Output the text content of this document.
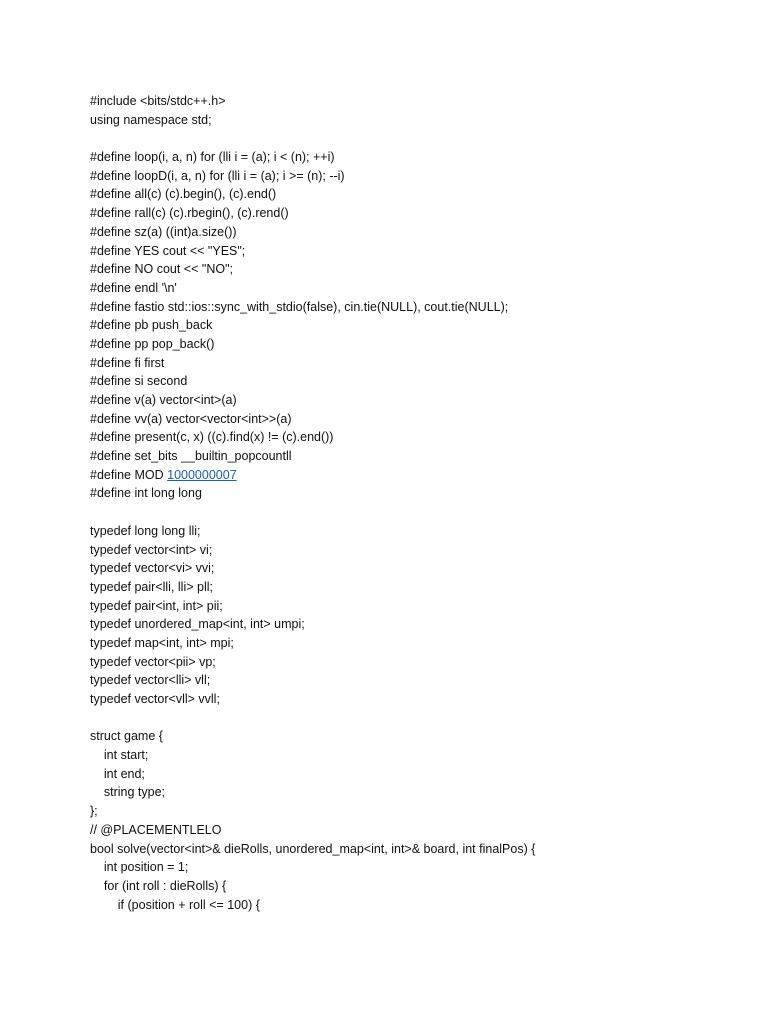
#include <bits/stdc++.h>
using namespace std;
#define loop(i, a, n) for (lli i = (a); i < (n); ++i)
#define loopD(i, a, n) for (lli i = (a); i >= (n); --i)
#define all(c) (c).begin(), (c).end()
#define rall(c) (c).rbegin(), (c).rend()
#define sz(a) ((int)a.size())
#define YES cout << "YES";
#define NO cout << "NO";
#define endl '\n'
#define fastio std::ios::sync_with_stdio(false), cin.tie(NULL), cout.tie(NULL);
#define pb push_back
#define pp pop_back()
#define fi first
#define si second
#define v(a) vector<int>(a)
#define vv(a) vector<vector<int>>(a)
#define present(c, x) ((c).find(x) != (c).end())
#define set_bits __builtin_popcountll
#define MOD 1000000007
#define int long long
typedef long long lli;
typedef vector<int> vi;
typedef vector<vi> vvi;
typedef pair<lli, lli> pll;
typedef pair<int, int> pii;
typedef unordered_map<int, int> umpi;
typedef map<int, int> mpi;
typedef vector<pii> vp;
typedef vector<lli> vll;
typedef vector<vll> vvll;
struct game {
int start;
int end;
string type;
};
// @PLACEMENTLELO
bool solve(vector<int>& dieRolls, unordered_map<int, int>& board, int finalPos) {
int position = 1;
for (int roll : dieRolls) {
if (position + roll <= 100) {
